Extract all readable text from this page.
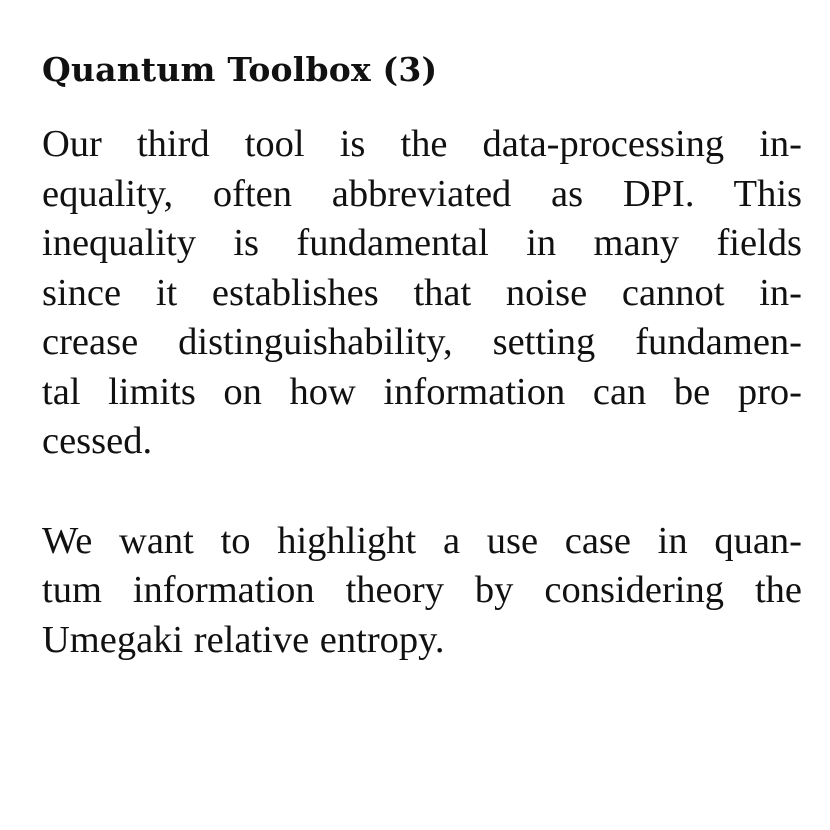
Quantum Toolbox (3)

Our third tool is the data-processing in-
equality, often abbreviated as DPI. This
inequality is fundamental in many fields
since it establishes that noise cannot in-
crease distinguishability, setting fundamen-
tal limits on how information can be pro-
cessed.

We want to highlight a use case in quan-
tum information theory by considering the
Umegaki relative entropy.
